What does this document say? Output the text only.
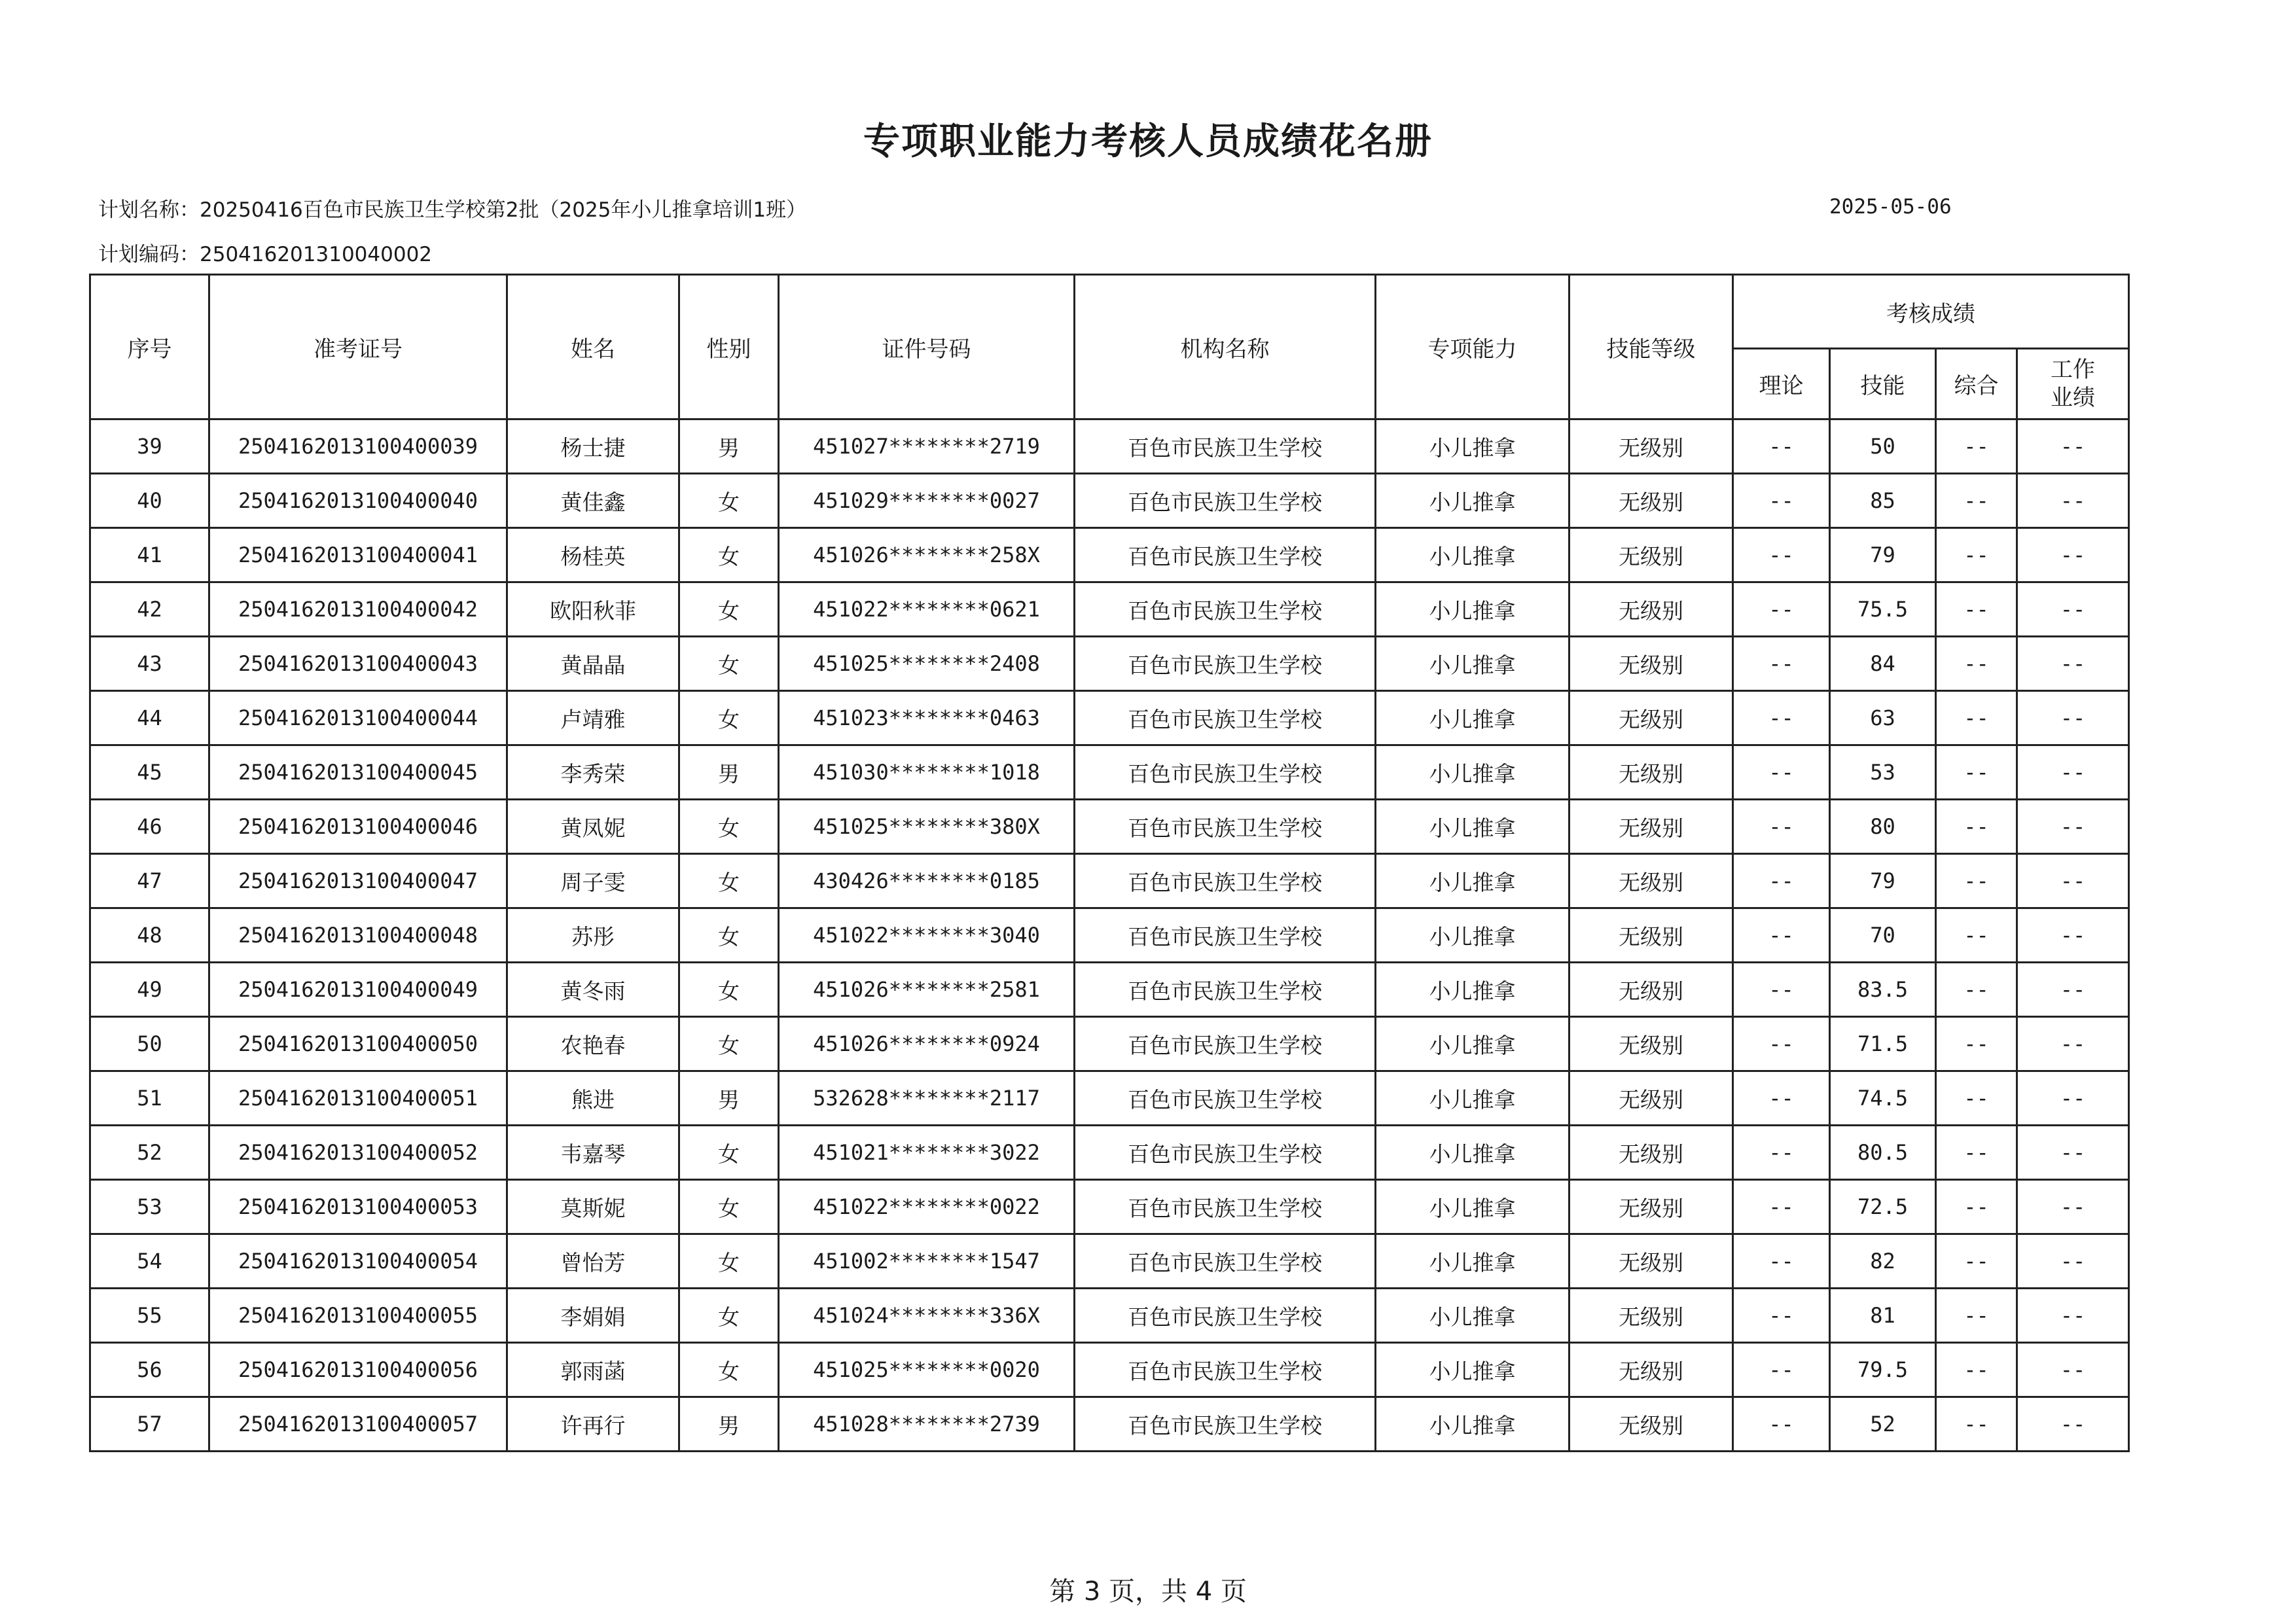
专项职业能力考核人员成绩花名册
计划名称：20250416百色市民族卫生学校第2批（2025年小儿推拿培训1班）	2025-05-06
计划编码：250416201310040002
序号	准考证号	姓名	性别	证件号码	机构名称	专项能力	技能等级	考核成绩			
								理论	技能	综合	工作
业绩
39	2504162013100400039	杨士捷	男	451027********2719	百色市民族卫生学校	小儿推拿	无级别	--	50	--	--
40	2504162013100400040	黄佳鑫	女	451029********0027	百色市民族卫生学校	小儿推拿	无级别	--	85	--	--
41	2504162013100400041	杨桂英	女	451026********258X	百色市民族卫生学校	小儿推拿	无级别	--	79	--	--
42	2504162013100400042	欧阳秋菲	女	451022********0621	百色市民族卫生学校	小儿推拿	无级别	--	75.5	--	--
43	2504162013100400043	黄晶晶	女	451025********2408	百色市民族卫生学校	小儿推拿	无级别	--	84	--	--
44	2504162013100400044	卢靖雅	女	451023********0463	百色市民族卫生学校	小儿推拿	无级别	--	63	--	--
45	2504162013100400045	李秀荣	男	451030********1018	百色市民族卫生学校	小儿推拿	无级别	--	53	--	--
46	2504162013100400046	黄凤妮	女	451025********380X	百色市民族卫生学校	小儿推拿	无级别	--	80	--	--
47	2504162013100400047	周子雯	女	430426********0185	百色市民族卫生学校	小儿推拿	无级别	--	79	--	--
48	2504162013100400048	苏彤	女	451022********3040	百色市民族卫生学校	小儿推拿	无级别	--	70	--	--
49	2504162013100400049	黄冬雨	女	451026********2581	百色市民族卫生学校	小儿推拿	无级别	--	83.5	--	--
50	2504162013100400050	农艳春	女	451026********0924	百色市民族卫生学校	小儿推拿	无级别	--	71.5	--	--
51	2504162013100400051	熊进	男	532628********2117	百色市民族卫生学校	小儿推拿	无级别	--	74.5	--	--
52	2504162013100400052	韦嘉琴	女	451021********3022	百色市民族卫生学校	小儿推拿	无级别	--	80.5	--	--
53	2504162013100400053	莫斯妮	女	451022********0022	百色市民族卫生学校	小儿推拿	无级别	--	72.5	--	--
54	2504162013100400054	曾怡芳	女	451002********1547	百色市民族卫生学校	小儿推拿	无级别	--	82	--	--
55	2504162013100400055	李娟娟	女	451024********336X	百色市民族卫生学校	小儿推拿	无级别	--	81	--	--
56	2504162013100400056	郭雨菡	女	451025********0020	百色市民族卫生学校	小儿推拿	无级别	--	79.5	--	--
57	2504162013100400057	许再行	男	451028********2739	百色市民族卫生学校	小儿推拿	无级别	--	52	--	--
第 3 页，共 4 页
